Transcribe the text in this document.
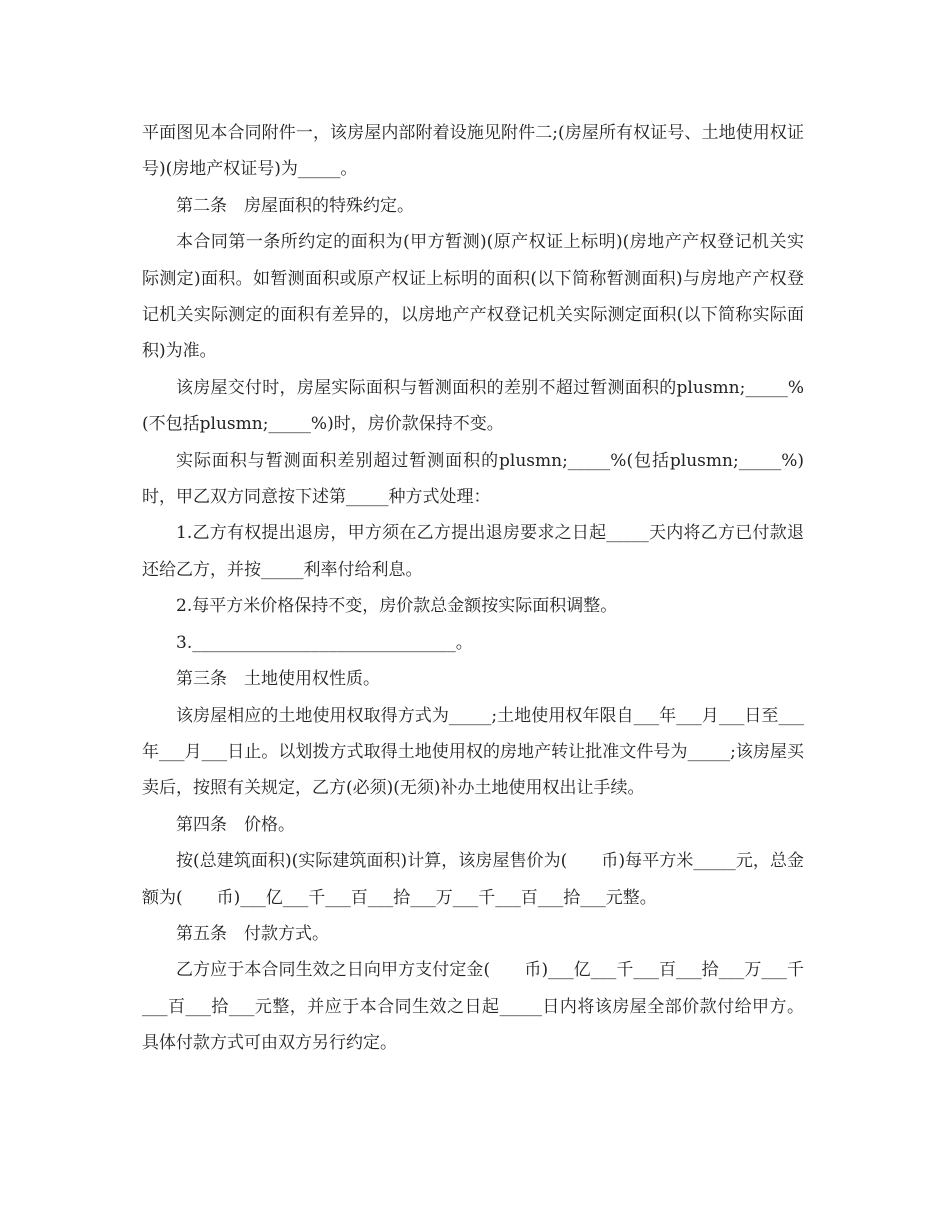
平面图见本合同附件一，该房屋内部附着设施见附件二;(房屋所有权证号、土地使用权证号)(房地产权证号)为_____。

第二条　房屋面积的特殊约定。

本合同第一条所约定的面积为(甲方暂测)(原产权证上标明)(房地产产权登记机关实际测定)面积。如暂测面积或原产权证上标明的面积(以下简称暂测面积)与房地产产权登记机关实际测定的面积有差异的，以房地产产权登记机关实际测定面积(以下简称实际面积)为准。

该房屋交付时，房屋实际面积与暂测面积的差别不超过暂测面积的plusmn;_____%(不包括plusmn;_____%)时，房价款保持不变。

实际面积与暂测面积差别超过暂测面积的plusmn;_____%(包括plusmn;_____%)时，甲乙双方同意按下述第_____种方式处理：

1.乙方有权提出退房，甲方须在乙方提出退房要求之日起_____天内将乙方已付款退还给乙方，并按_____利率付给利息。

2.每平方米价格保持不变，房价款总金额按实际面积调整。

3._______________________________。

第三条　土地使用权性质。

该房屋相应的土地使用权取得方式为_____;土地使用权年限自___年___月___日至___年___月___日止。以划拨方式取得土地使用权的房地产转让批准文件号为_____;该房屋买卖后，按照有关规定，乙方(必须)(无须)补办土地使用权出让手续。

第四条　价格。

按(总建筑面积)(实际建筑面积)计算，该房屋售价为(　　币)每平方米_____元，总金额为(　　币)___亿___千___百___拾___万___千___百___拾___元整。

第五条　付款方式。

乙方应于本合同生效之日向甲方支付定金(　　币)___亿___千___百___拾___万___千___百___拾___元整，并应于本合同生效之日起_____日内将该房屋全部价款付给甲方。具体付款方式可由双方另行约定。
